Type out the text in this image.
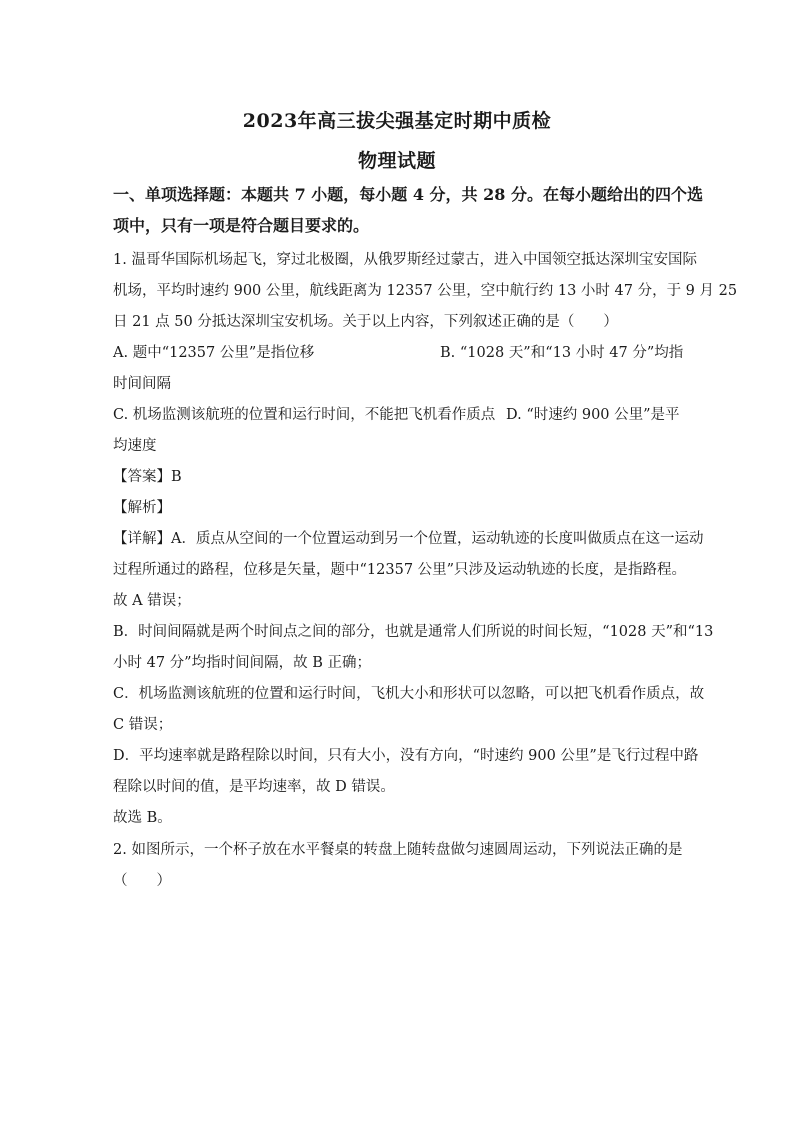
2023年高三拔尖强基定时期中质检
物理试题
一、单项选择题：本题共 7 小题，每小题 4 分，共 28 分。在每小题给出的四个选
项中，只有一项是符合题目要求的。
1. 温哥华国际机场起飞，穿过北极圈，从俄罗斯经过蒙古，进入中国领空抵达深圳宝安国际
机场，平均时速约 900 公里，航线距离为 12357 公里，空中航行约 13 小时 47 分，于 9 月 25
日 21 点 50 分抵达深圳宝安机场。关于以上内容，下列叙述正确的是（　　）
A. 题中“12357 公里”是指位移	B. “1028 天”和“13 小时 47 分”均指
时间间隔
C. 机场监测该航班的位置和运行时间，不能把飞机看作质点 D. “时速约 900 公里”是平
均速度
【答案】B
【解析】
【详解】A．质点从空间的一个位置运动到另一个位置，运动轨迹的长度叫做质点在这一运动
过程所通过的路程，位移是矢量，题中“12357 公里”只涉及运动轨迹的长度，是指路程。
故 A 错误；
B．时间间隔就是两个时间点之间的部分，也就是通常人们所说的时间长短，“1028 天”和“13
小时 47 分”均指时间间隔，故 B 正确；
C．机场监测该航班的位置和运行时间，飞机大小和形状可以忽略，可以把飞机看作质点，故
C 错误；
D．平均速率就是路程除以时间，只有大小，没有方向，“时速约 900 公里”是飞行过程中路
程除以时间的值，是平均速率，故 D 错误。
故选 B。
2. 如图所示，一个杯子放在水平餐桌的转盘上随转盘做匀速圆周运动，下列说法正确的是
（　　）
